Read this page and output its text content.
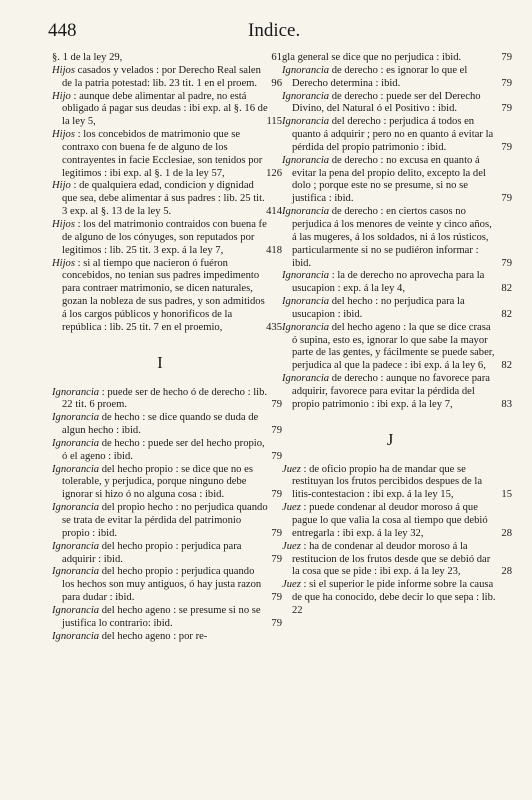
448	Indice.

§. 1 de la ley 29,	61

Hijos casados y velados : por Derecho Real salen de la patria potestad: lib. 23 tit. 1 en el proem. 96

Hijo : aunque debe alimentar al padre, no está obligado á pagar sus deudas : ibi exp. al §. 16 de la ley 5,	115

Hijos : los concebidos de matrimonio que se contraxo con buena fe de alguno de los contrayentes in facie Ecclesiae, son tenidos por legitimos : ibi exp. al §. 1 de la ley 57,	126

Hijo : de qualquiera edad, condicion y dignidad que sea, debe alimentar á sus padres : lib. 25 tit. 3 exp. al §. 13 de la ley 5.	414

Hijos : los del matrimonio contraidos con buena fe de alguno de los cónyuges, son reputados por legitimos : lib. 25 tit. 3 exp. á la ley 7,	418

Hijos : si al tiempo que nacieron ó fuéron concebidos, no tenian sus padres impedimento para contraer matrimonio, se dicen naturales, gozan la nobleza de sus padres, y son admitidos á los cargos públicos y honorificos de la república : lib. 25 tit. 7 en el proemio,	435

I

Ignorancia : puede ser de hecho ó de derecho : lib. 22 tit. 6 proem.	79

Ignorancia de hecho : se dice quando se duda de algun hecho : ibid.	79

Ignorancia de hecho : puede ser del hecho propio, ó el ageno : ibid.	79

Ignorancia del hecho propio : se dice que no es tolerable, y perjudica, porque ninguno debe ignorar si hizo ó no alguna cosa : ibid.	79

Ignorancia del propio hecho : no perjudica quando se trata de evitar la pérdida del patrimonio propio : ibid.	79

Ignorancia del hecho propio : perjudica para adquirir : ibid.	79

Ignorancia del hecho propio : perjudica quando los hechos son muy antiguos, ó hay justa razon para dudar : ibid.	79

Ignorancia del hecho ageno : se presume si no se justifica lo contrario: ibid.	79

Ignorancia del hecho ageno : por re-

gla general se dice que no perjudica : ibid.	79

Ignorancia de derecho : es ignorar lo que el Derecho determina : ibid.	79

Ignorancia de derecho : puede ser del Derecho Divino, del Natural ó el Positivo : ibid.	79

Ignorancia del derecho : perjudica á todos en quanto á adquirir ; pero no en quanto á evitar la pérdida del propio patrimonio : ibid.	79

Ignorancia de derecho : no excusa en quanto á evitar la pena del propio delito, excepto la del dolo ; porque este no se presume, si no se justifica : ibid.	79

Ignorancia de derecho : en ciertos casos no perjudica á los menores de veinte y cinco años, á las mugeres, á los soldados, ni á los rústicos, particularmente si no se pudiéron informar : ibid.	79

Ignorancia : la de derecho no aprovecha para la usucapion : exp. á la ley 4,	82

Ignorancia del hecho : no perjudica para la usucapion : ibid.	82

Ignorancia del hecho ageno : la que se dice crasa ó supina, esto es, ignorar lo que sabe la mayor parte de las gentes, y fácilmente se puede saber, perjudica al que la padece : ibi exp. á la ley 6, 82

Ignorancia de derecho : aunque no favorece para adquirir, favorece para evitar la pérdida del propio patrimonio : ibi exp. á la ley 7,	83

J

Juez : de oficio propio ha de mandar que se restituyan los frutos percibidos despues de la litis-contestacion : ibi exp. á la ley 15,	15

Juez : puede condenar al deudor moroso á que pague lo que valia la cosa al tiempo que debió entregarla : ibi exp. á la ley 32,	28

Juez : ha de condenar al deudor moroso á la restitucion de los frutos desde que se debió dar la cosa que se pide : ibi exp. á la ley 23,	28

Juez : si el superior le pide informe sobre la causa de que ha conocido, debe decir lo que sepa : lib. 22
